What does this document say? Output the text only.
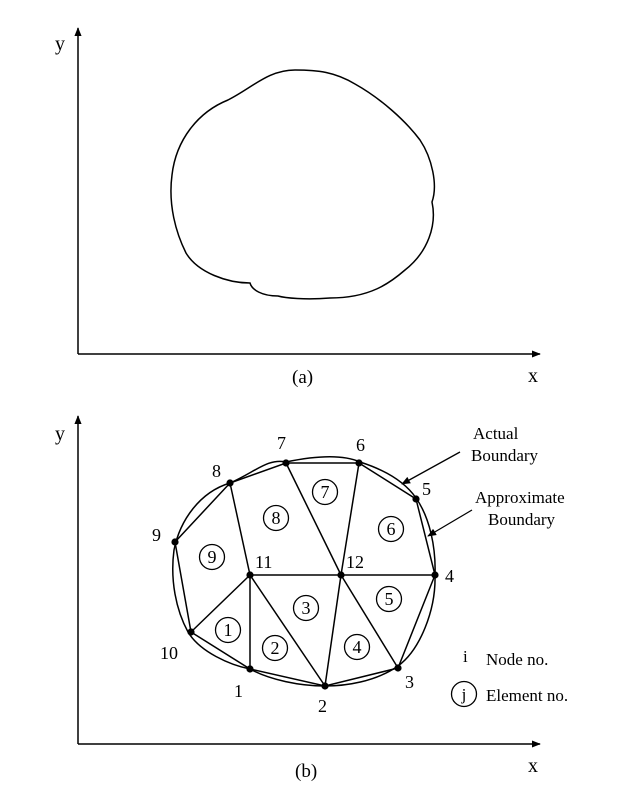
y
x
(a)
y
x
1
2
3
4
5
6
7
8
9
10
11	12
1
2
3
4
5
6
7
8
9
Actual
Boundary
Approximate
Boundary
i Node no.
j Element no.
(b)
